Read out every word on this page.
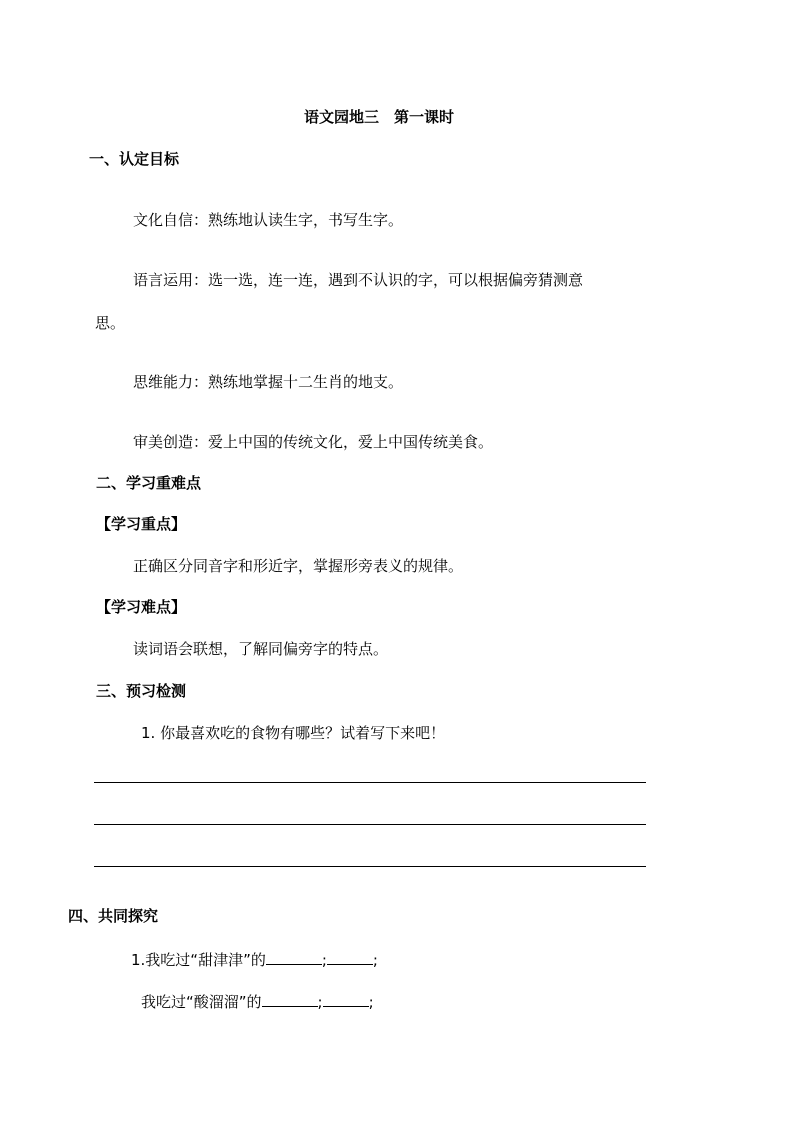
语文园地三　第一课时
一、认定目标
文化自信：熟练地认读生字，书写生字。
语言运用：选一选，连一连，遇到不认识的字，可以根据偏旁猜测意
思。
思维能力：熟练地掌握十二生肖的地支。
审美创造：爱上中国的传统文化，爱上中国传统美食。
二、学习重难点
【学习重点】
正确区分同音字和形近字，掌握形旁表义的规律。
【学习难点】
读词语会联想，了解同偏旁字的特点。
三、预习检测
1. 你最喜欢吃的食物有哪些？试着写下来吧！
四、共同探究
1.我吃过“甜津津”的	;	;
我吃过“酸溜溜”的	;	;
